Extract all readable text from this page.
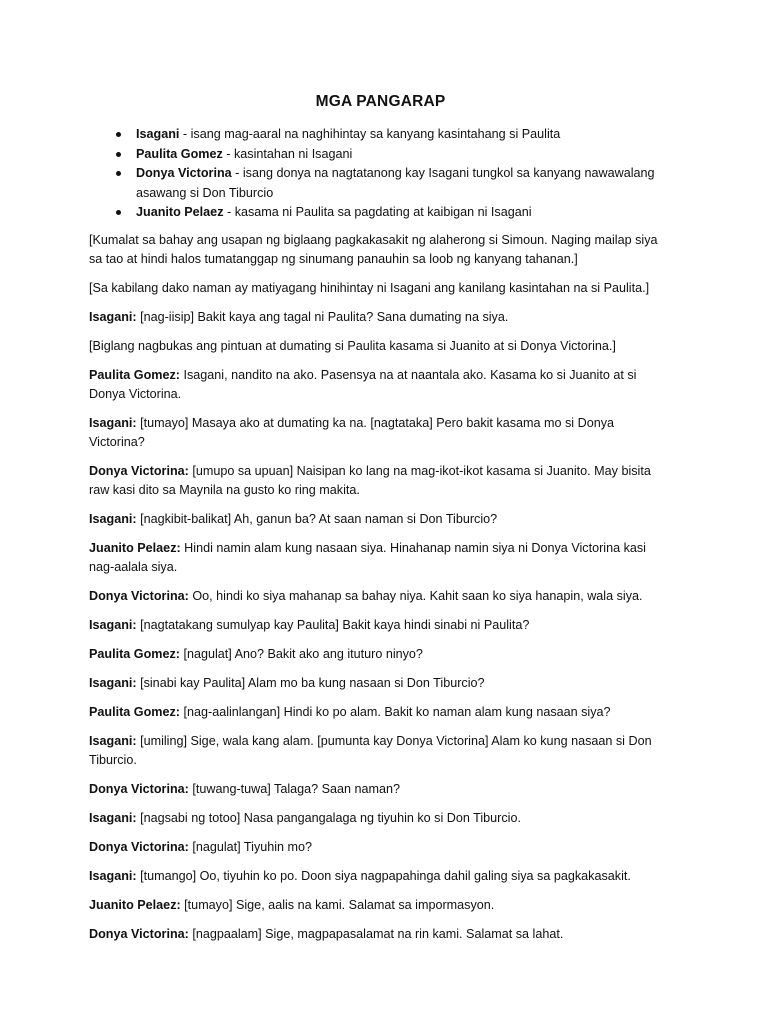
MGA PANGARAP
Isagani - isang mag-aaral na naghihintay sa kanyang kasintahang si Paulita
Paulita Gomez - kasintahan ni Isagani
Donya Victorina - isang donya na nagtatanong kay Isagani tungkol sa kanyang nawawalang asawang si Don Tiburcio
Juanito Pelaez - kasama ni Paulita sa pagdating at kaibigan ni Isagani

[Kumalat sa bahay ang usapan ng biglaang pagkakasakit ng alaherong si Simoun. Naging mailap siya sa tao at hindi halos tumatanggap ng sinumang panauhin sa loob ng kanyang tahanan.]

[Sa kabilang dako naman ay matiyagang hinihintay ni Isagani ang kanilang kasintahan na si Paulita.]

Isagani: [nag-iisip] Bakit kaya ang tagal ni Paulita? Sana dumating na siya.

[Biglang nagbukas ang pintuan at dumating si Paulita kasama si Juanito at si Donya Victorina.]

Paulita Gomez: Isagani, nandito na ako. Pasensya na at naantala ako. Kasama ko si Juanito at si Donya Victorina.

Isagani: [tumayo] Masaya ako at dumating ka na. [nagtataka] Pero bakit kasama mo si Donya Victorina?

Donya Victorina: [umupo sa upuan] Naisipan ko lang na mag-ikot-ikot kasama si Juanito. May bisita raw kasi dito sa Maynila na gusto ko ring makita.

Isagani: [nagkibit-balikat] Ah, ganun ba? At saan naman si Don Tiburcio?

Juanito Pelaez: Hindi namin alam kung nasaan siya. Hinahanap namin siya ni Donya Victorina kasi nag-aalala siya.

Donya Victorina: Oo, hindi ko siya mahanap sa bahay niya. Kahit saan ko siya hanapin, wala siya.

Isagani: [nagtatakang sumulyap kay Paulita] Bakit kaya hindi sinabi ni Paulita?

Paulita Gomez: [nagulat] Ano? Bakit ako ang ituturo ninyo?

Isagani: [sinabi kay Paulita] Alam mo ba kung nasaan si Don Tiburcio?

Paulita Gomez: [nag-aalinlangan] Hindi ko po alam. Bakit ko naman alam kung nasaan siya?

Isagani: [umiling] Sige, wala kang alam. [pumunta kay Donya Victorina] Alam ko kung nasaan si Don Tiburcio.

Donya Victorina: [tuwang-tuwa] Talaga? Saan naman?

Isagani: [nagsabi ng totoo] Nasa pangangalaga ng tiyuhin ko si Don Tiburcio.

Donya Victorina: [nagulat] Tiyuhin mo?

Isagani: [tumango] Oo, tiyuhin ko po. Doon siya nagpapahinga dahil galing siya sa pagkakasakit.

Juanito Pelaez: [tumayo] Sige, aalis na kami. Salamat sa impormasyon.

Donya Victorina: [nagpaalam] Sige, magpapasalamat na rin kami. Salamat sa lahat.
